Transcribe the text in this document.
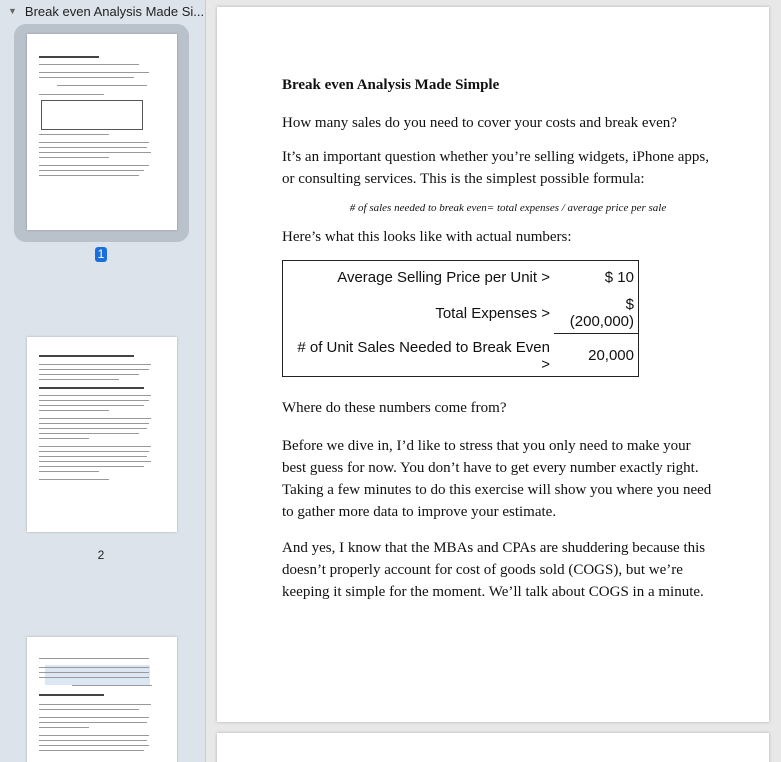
▼ Break even Analysis Made Si...
1
2
Break even Analysis Made Simple
How many sales do you need to cover your costs and break even?
It’s an important question whether you’re selling widgets, iPhone apps, or consulting services. This is the simplest possible formula:
# of sales needed to break even= total expenses / average price per sale
Here’s what this looks like with actual numbers:
Average Selling Price per Unit >	$ 10
Total Expenses >	$ (200,000)
# of Unit Sales Needed to Break Even >	20,000
Where do these numbers come from?
Before we dive in, I’d like to stress that you only need to make your best guess for now. You don’t have to get every number exactly right. Taking a few minutes to do this exercise will show you where you need to gather more data to improve your estimate.
And yes, I know that the MBAs and CPAs are shuddering because this doesn’t properly account for cost of goods sold (COGS), but we’re keeping it simple for the moment. We’ll talk about COGS in a minute.
